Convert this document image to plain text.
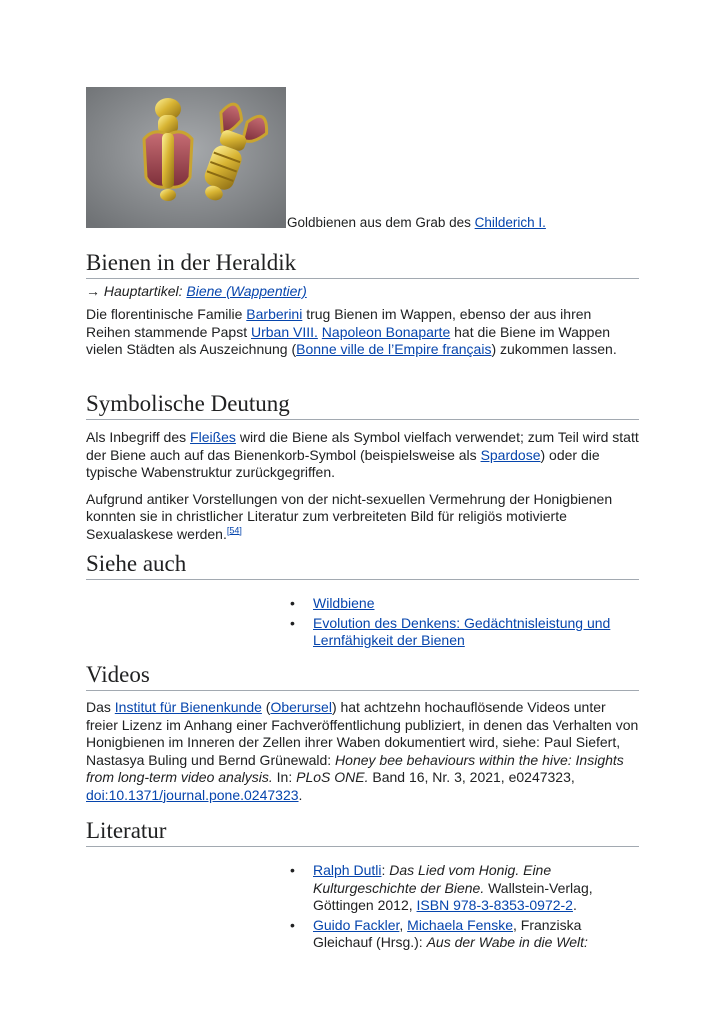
Goldbienen aus dem Grab des Childerich I.
Bienen in der Heraldik
→ Hauptartikel: Biene (Wappentier)

Die florentinische Familie Barberini trug Bienen im Wappen, ebenso der aus ihren Reihen stammende Papst Urban VIII. Napoleon Bonaparte hat die Biene im Wappen vielen Städten als Auszeichnung (Bonne ville de l’Empire français) zukommen lassen.

Symbolische Deutung

Als Inbegriff des Fleißes wird die Biene als Symbol vielfach verwendet; zum Teil wird statt der Biene auch auf das Bienenkorb-Symbol (beispielsweise als Spardose) oder die typische Wabenstruktur zurückgegriffen.

Aufgrund antiker Vorstellungen von der nicht-sexuellen Vermehrung der Honigbienen konnten sie in christlicher Literatur zum verbreiteten Bild für religiös motivierte Sexualaskese werden.[54]

Siehe auch
• Wildbiene
• Evolution des Denkens: Gedächtnisleistung und Lernfähigkeit der Bienen
Videos

Das Institut für Bienenkunde (Oberursel) hat achtzehn hochauflösende Videos unter freier Lizenz im Anhang einer Fachveröffentlichung publiziert, in denen das Verhalten von Honigbienen im Inneren der Zellen ihrer Waben dokumentiert wird, siehe: Paul Siefert, Nastasya Buling und Bernd Grünewald: Honey bee behaviours within the hive: Insights from long-term video analysis. In: PLoS ONE. Band 16, Nr. 3, 2021, e0247323, doi:10.1371/journal.pone.0247323.

Literatur
• Ralph Dutli: Das Lied vom Honig. Eine Kulturgeschichte der Biene. Wallstein-Verlag, Göttingen 2012, ISBN 978-3-8353-0972-2.
• Guido Fackler, Michaela Fenske, Franziska Gleichauf (Hrsg.): Aus der Wabe in die Welt:
